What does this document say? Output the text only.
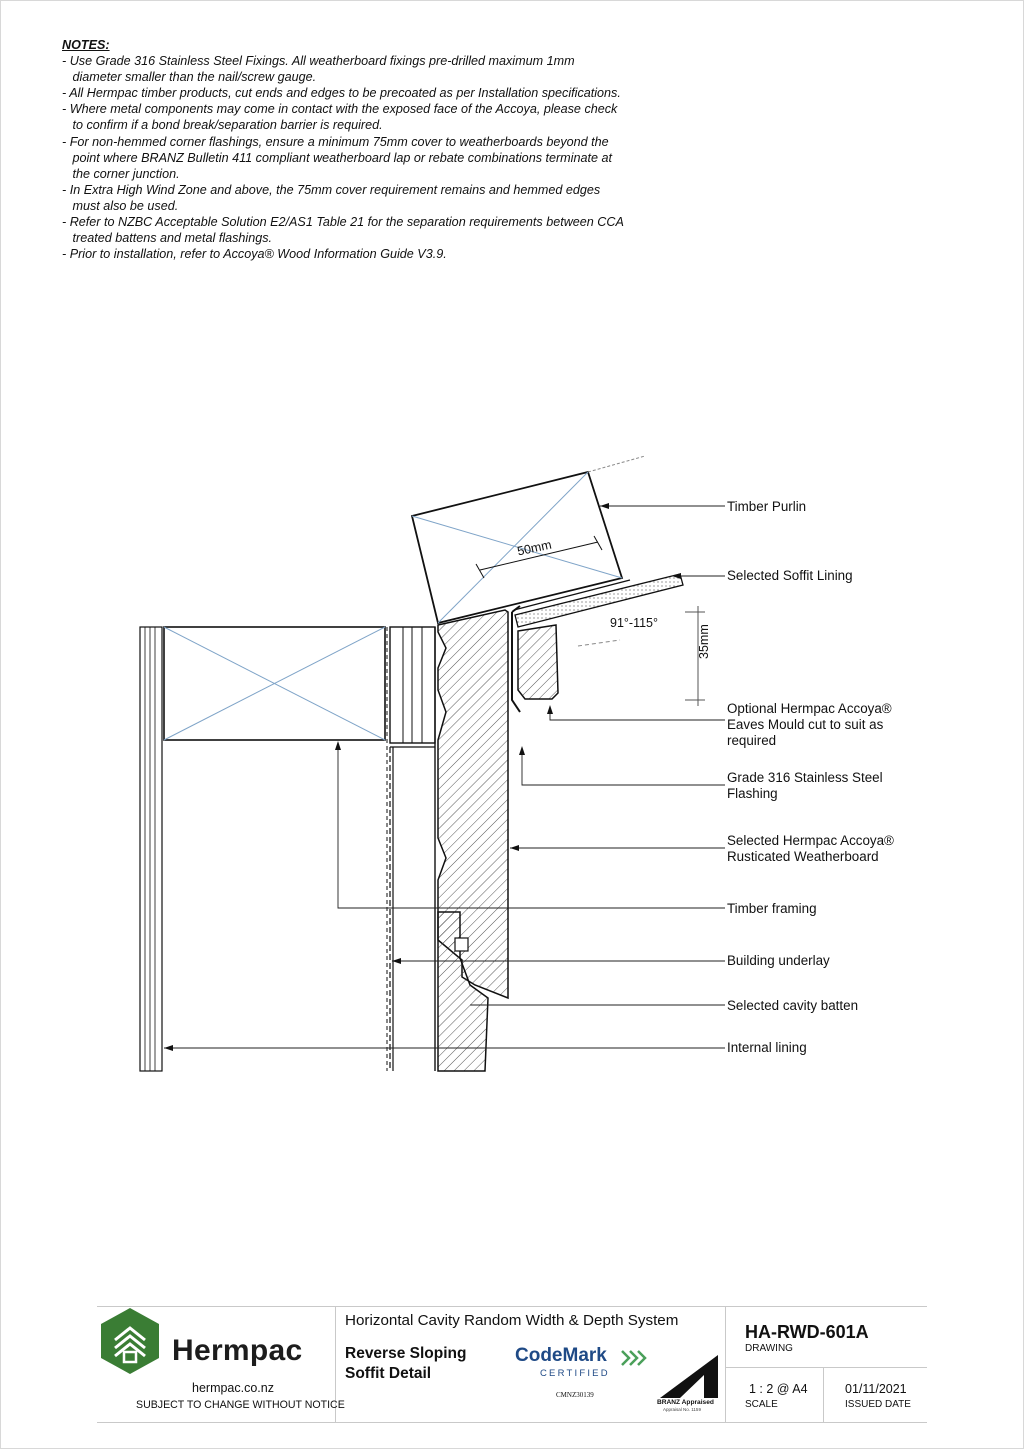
NOTES:
- Use Grade 316 Stainless Steel Fixings. All weatherboard fixings pre-drilled maximum 1mm
diameter smaller than the nail/screw gauge.
- All Hermpac timber products, cut ends and edges to be precoated as per Installation specifications.
- Where metal components may come in contact with the exposed face of the Accoya, please check
to confirm if a bond break/separation barrier is required.
- For non-hemmed corner flashings, ensure a minimum 75mm cover to weatherboards beyond the
point where BRANZ Bulletin 411 compliant weatherboard lap or rebate combinations terminate at
the corner junction.
- In Extra High Wind Zone and above, the 75mm cover requirement remains and hemmed edges
must also be used.
- Refer to NZBC Acceptable Solution E2/AS1 Table 21 for the separation requirements between CCA
treated battens and metal flashings.
- Prior to installation, refer to Accoya® Wood Information Guide V3.9.
50mm
91°-115°
35mm
Timber Purlin
Selected Soffit Lining
Optional Hermpac Accoya®
Eaves Mould cut to suit as
required
Grade 316 Stainless Steel
Flashing
Selected Hermpac Accoya®
Rusticated Weatherboard
Timber framing
Building underlay
Selected cavity batten
Internal lining
Hermpac
hermpac.co.nz
SUBJECT TO CHANGE WITHOUT NOTICE
Horizontal Cavity Random Width & Depth System
Reverse Sloping
Soffit Detail
CodeMark
CERTIFIED
CMNZ30139
BRANZ Appraised
Appraisal No. 1159
HA-RWD-601A
DRAWING
1 : 2 @ A4
SCALE
01/11/2021
ISSUED DATE
